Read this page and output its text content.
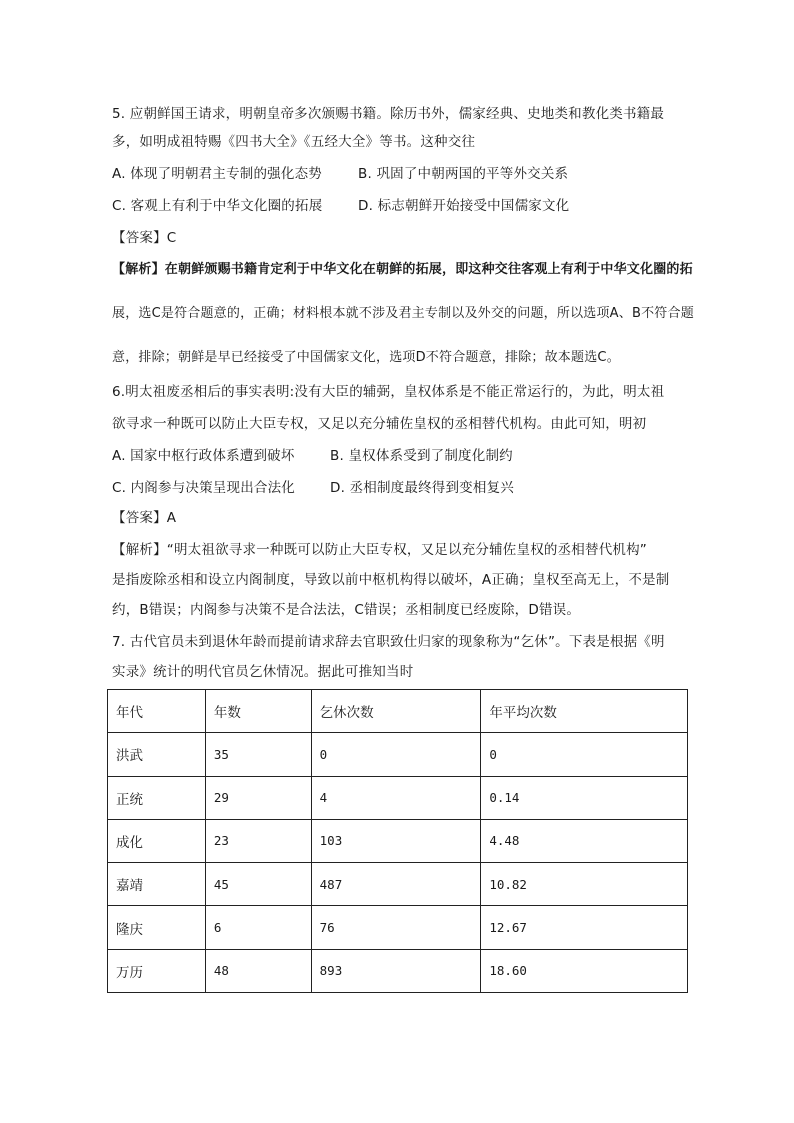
5. 应朝鲜国王请求，明朝皇帝多次颁赐书籍。除历书外，儒家经典、史地类和教化类书籍最
多，如明成祖特赐《四书大全》《五经大全》等书。这种交往
A. 体现了明朝君主专制的强化态势	B. 巩固了中朝两国的平等外交关系
C. 客观上有利于中华文化圈的拓展	D. 标志朝鲜开始接受中国儒家文化
【答案】C
【解析】在朝鲜颁赐书籍肯定利于中华文化在朝鲜的拓展，即这种交往客观上有利于中华文化圈的拓
展，选C是符合题意的，正确；材料根本就不涉及君主专制以及外交的问题，所以选项A、B不符合题
意，排除；朝鲜是早已经接受了中国儒家文化，选项D不符合题意，排除；故本题选C。
6.明太祖废丞相后的事实表明:没有大臣的辅弼，皇权体系是不能正常运行的，为此，明太祖
欲寻求一种既可以防止大臣专权，又足以充分辅佐皇权的丞相替代机构。由此可知，明初
A. 国家中枢行政体系遭到破坏	B. 皇权体系受到了制度化制约
C. 内阁参与决策呈现出合法化	D. 丞相制度最终得到变相复兴
【答案】A
【解析】“明太祖欲寻求一种既可以防止大臣专权，又足以充分辅佐皇权的丞相替代机构”
是指废除丞相和设立内阁制度，导致以前中枢机构得以破坏，A正确；皇权至高无上，不是制
约，B错误；内阁参与决策不是合法法，C错误；丞相制度已经废除，D错误。
7. 古代官员未到退休年龄而提前请求辞去官职致仕归家的现象称为“乞休”。下表是根据《明
实录》统计的明代官员乞休情况。据此可推知当时
年代	年数	乞休次数	年平均次数
洪武	35	0	0
正统	29	4	0.14
成化	23	103	4.48
嘉靖	45	487	10.82
隆庆	6	76	12.67
万历	48	893	18.60
